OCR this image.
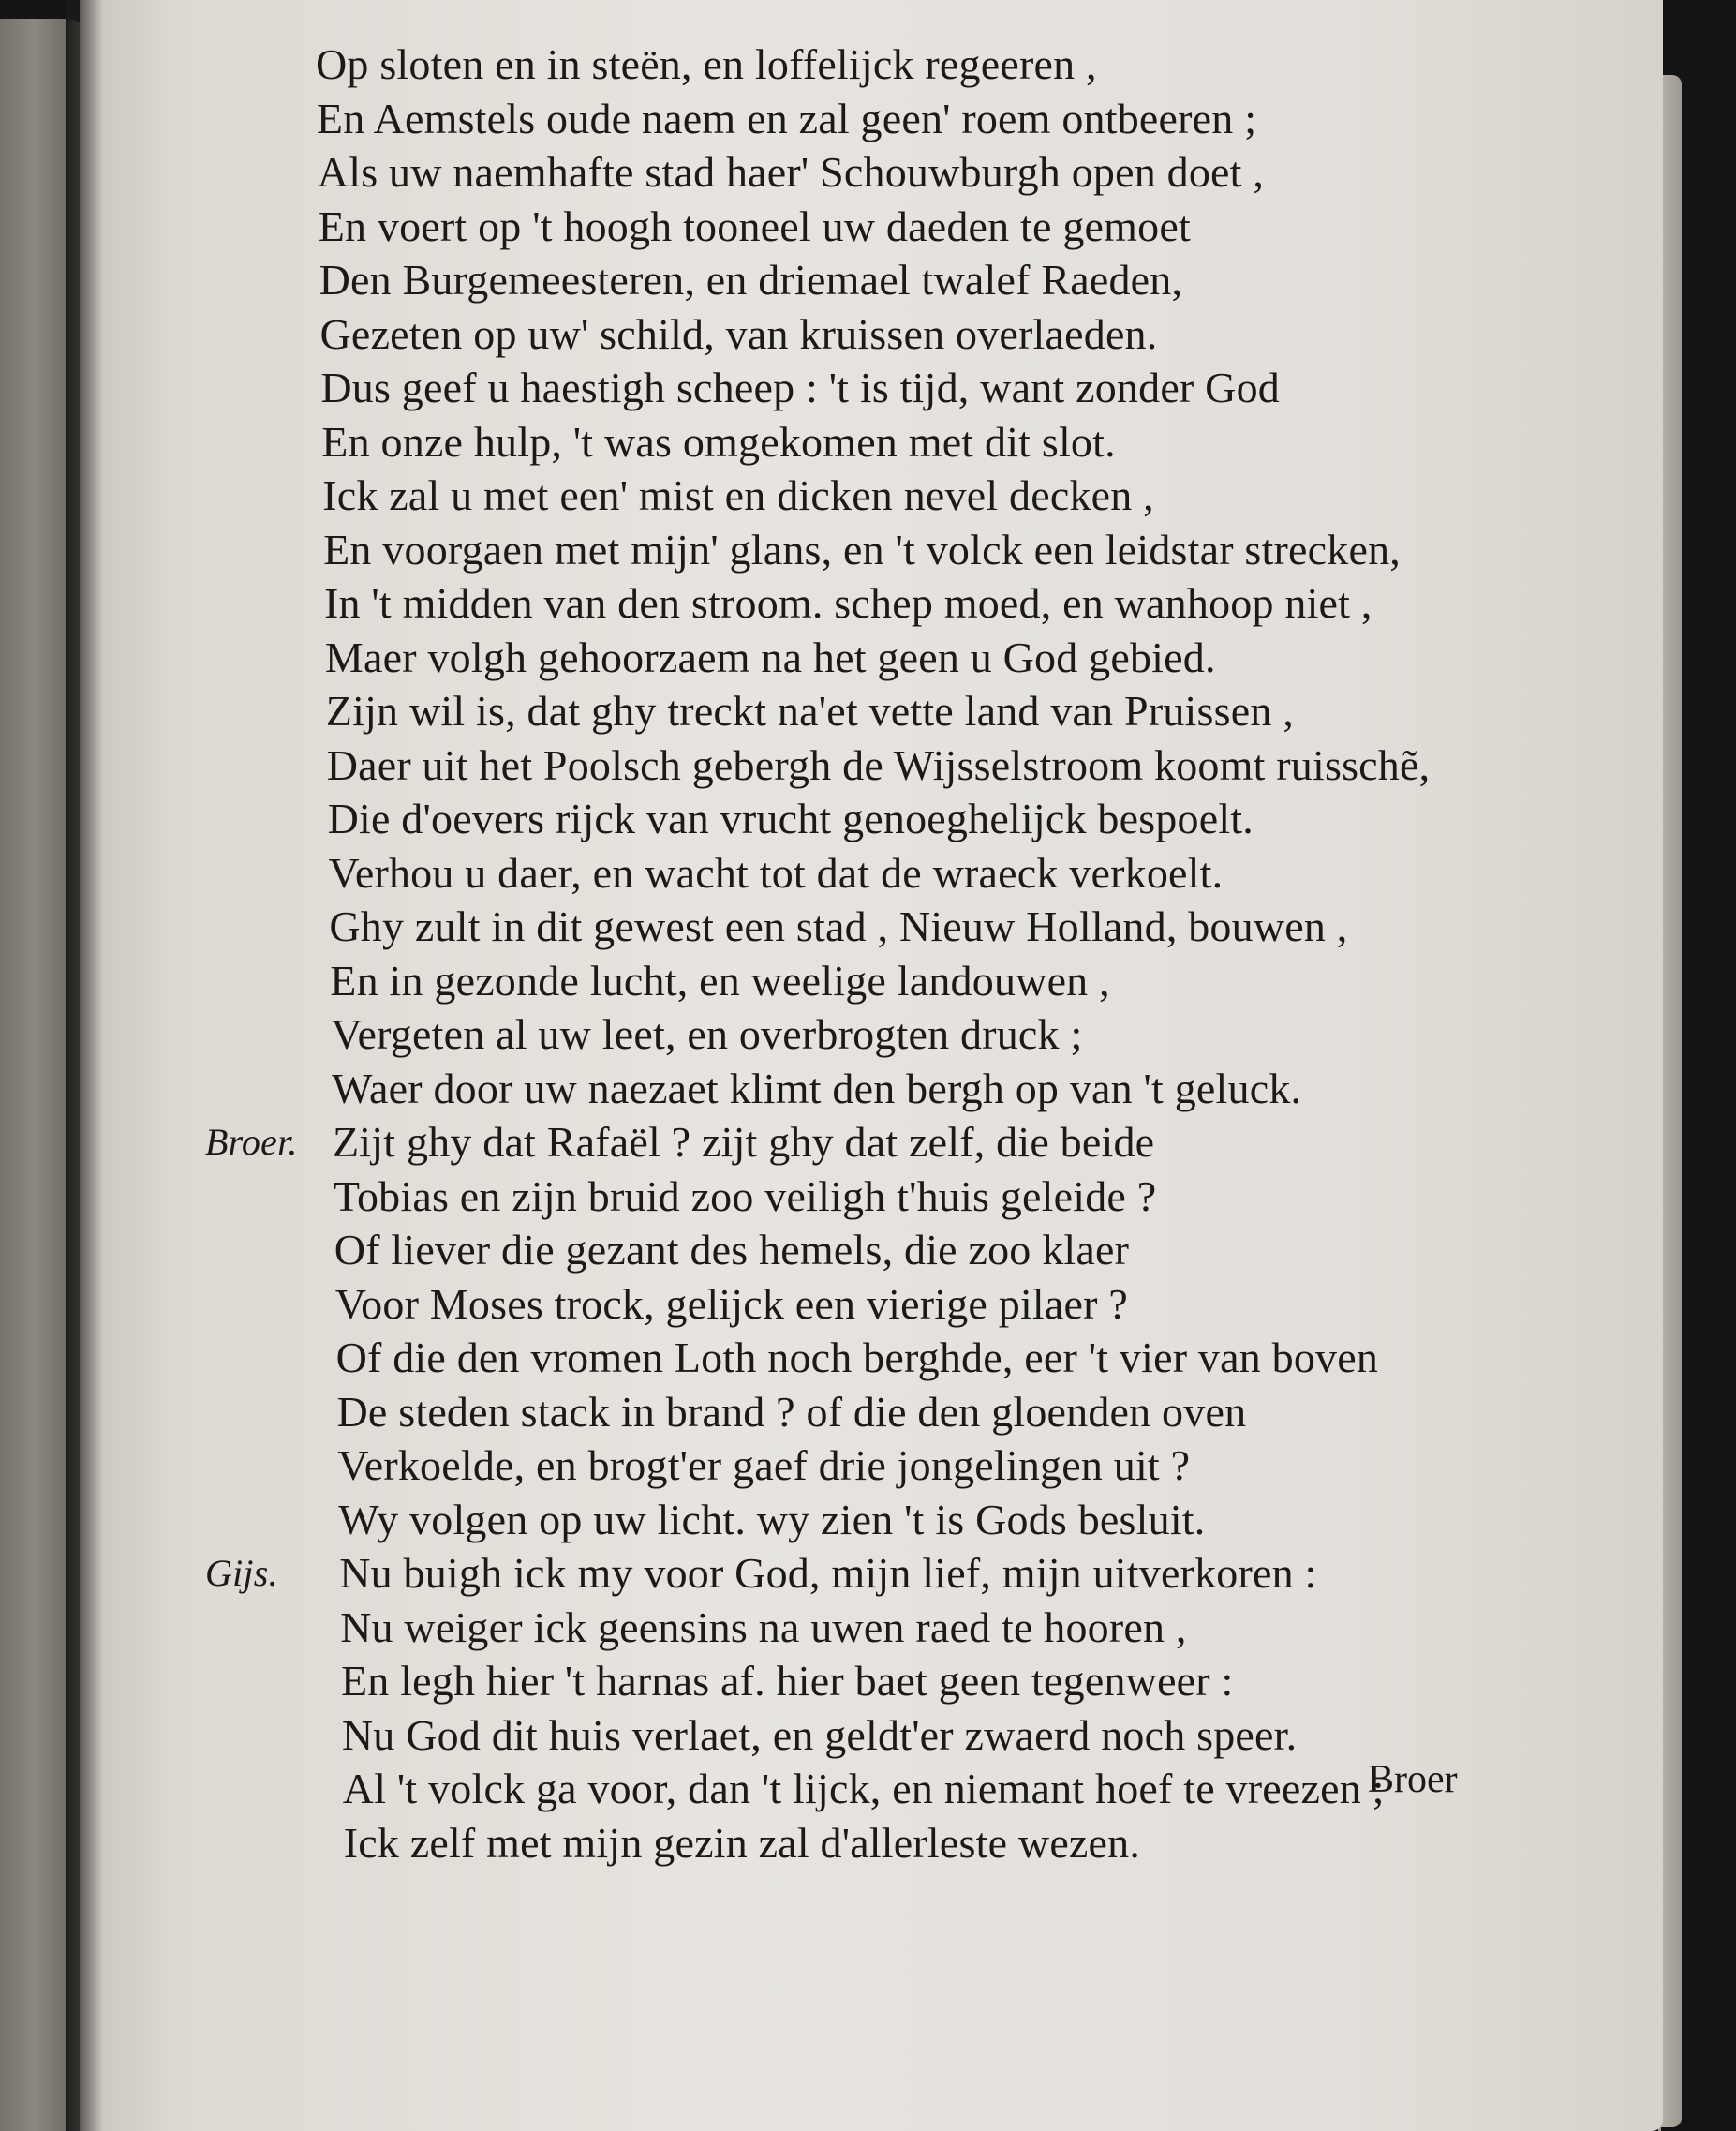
Op sloten en in steën, en loffelijck regeeren ,
En Aemstels oude naem en zal geen' roem ontbeeren ;
Als uw naemhafte stad haer' Schouwburgh open doet ,
En voert op 't hoogh tooneel uw daeden te gemoet
Den Burgemeesteren, en driemael twalef Raeden,
Gezeten op uw' schild, van kruissen overlaeden.
Dus geef u haestigh scheep : 't is tijd, want zonder God
En onze hulp, 't was omgekomen met dit slot.
Ick zal u met een' mist en dicken nevel decken ,
En voorgaen met mijn' glans, en 't volck een leidstar strecken,
In 't midden van den stroom. schep moed, en wanhoop niet ,
Maer volgh gehoorzaem na het geen u God gebied.
Zijn wil is, dat ghy treckt na'et vette land van Pruissen ,
Daer uit het Poolsch gebergh de Wijsselstroom koomt ruisschẽ,
Die d'oevers rijck van vrucht genoeghelijck bespoelt.
Verhou u daer, en wacht tot dat de wraeck verkoelt.
Ghy zult in dit gewest een stad , Nieuw Holland, bouwen ,
En in gezonde lucht, en weelige landouwen ,
Vergeten al uw leet, en overbrogten druck ;
Waer door uw naezaet klimt den bergh op van 't geluck.
Broer. Zijt ghy dat Rafaël ? zijt ghy dat zelf, die beide
Tobias en zijn bruid zoo veiligh t'huis geleide ?
Of liever die gezant des hemels, die zoo klaer
Voor Moses trock, gelijck een vierige pilaer ?
Of die den vromen Loth noch berghde, eer 't vier van boven
De steden stack in brand ? of die den gloenden oven
Verkoelde, en brogt'er gaef drie jongelingen uit ?
Wy volgen op uw licht. wy zien 't is Gods besluit.
Gijs. Nu buigh ick my voor God, mijn lief, mijn uitverkoren :
Nu weiger ick geensins na uwen raed te hooren ,
En legh hier 't harnas af. hier baet geen tegenweer :
Nu God dit huis verlaet, en geldt'er zwaerd noch speer.
Al 't volck ga voor, dan 't lijck, en niemant hoef te vreezen ;
Ick zelf met mijn gezin zal d'allerleste wezen.
Broer
